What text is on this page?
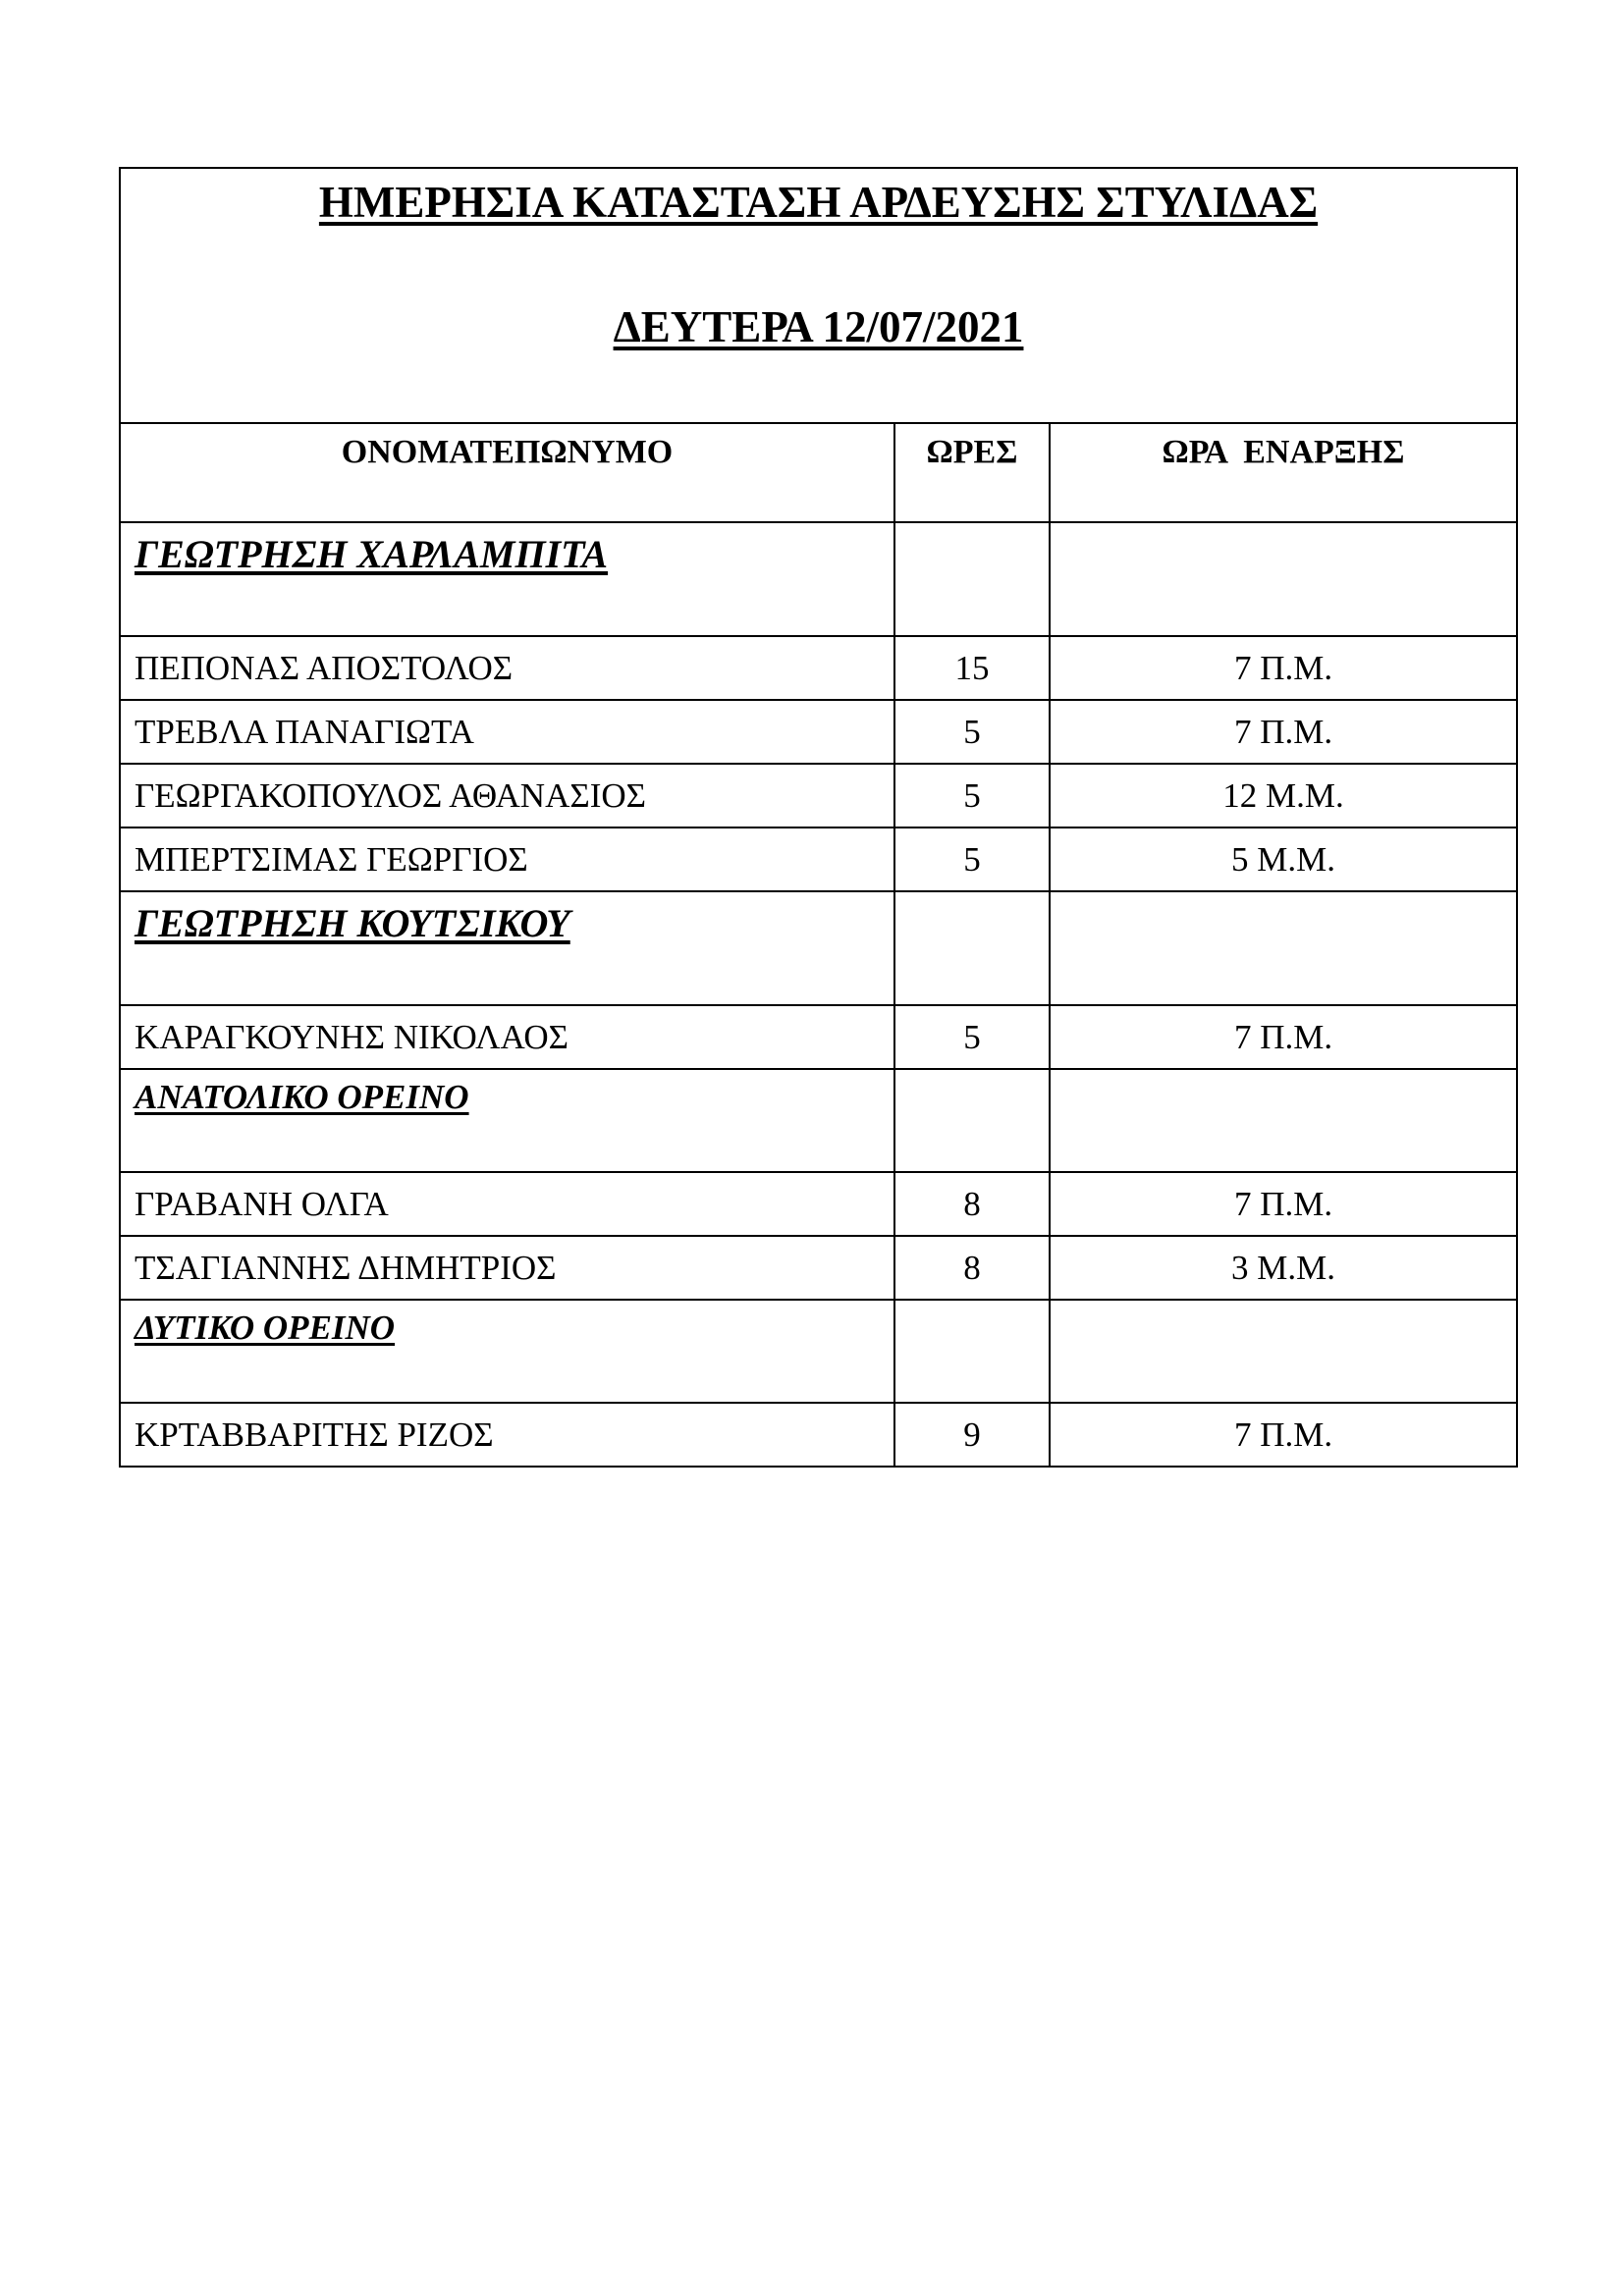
ΗΜΕΡΗΣΙΑ ΚΑΤΑΣΤΑΣΗ ΑΡΔΕΥΣΗΣ ΣΤΥΛΙΔΑΣ
ΔΕΥΤΕΡΑ 12/07/2021		

ΟΝΟΜΑΤΕΠΩΝΥΜΟ	ΩΡΕΣ	ΩΡΑ  ΕΝΑΡΞΗΣ

ΓΕΩΤΡΗΣΗ ΧΑΡΛΑΜΠΙΤΑ		

ΠΕΠΟΝΑΣ ΑΠΟΣΤΟΛΟΣ	15	7 Π.Μ.
ΤΡΕΒΛΑ ΠΑΝΑΓΙΩΤΑ	5	7 Π.Μ.
ΓΕΩΡΓΑΚΟΠΟΥΛΟΣ ΑΘΑΝΑΣΙΟΣ	5	12 Μ.Μ.
ΜΠΕΡΤΣΙΜΑΣ ΓΕΩΡΓΙΟΣ	5	5 Μ.Μ.

ΓΕΩΤΡΗΣΗ ΚΟΥΤΣΙΚΟΥ		

ΚΑΡΑΓΚΟΥΝΗΣ ΝΙΚΟΛΑΟΣ	5	7 Π.Μ.

ΑΝΑΤΟΛΙΚΟ ΟΡΕΙΝΟ		

ΓΡΑΒΑΝΗ ΟΛΓΑ	8	7 Π.Μ.
ΤΣΑΓΙΑΝΝΗΣ ΔΗΜΗΤΡΙΟΣ	8	3 Μ.Μ.

ΔΥΤΙΚΟ ΟΡΕΙΝΟ		

ΚΡΤΑΒΒΑΡΙΤΗΣ ΡΙΖΟΣ	9	7 Π.Μ.
